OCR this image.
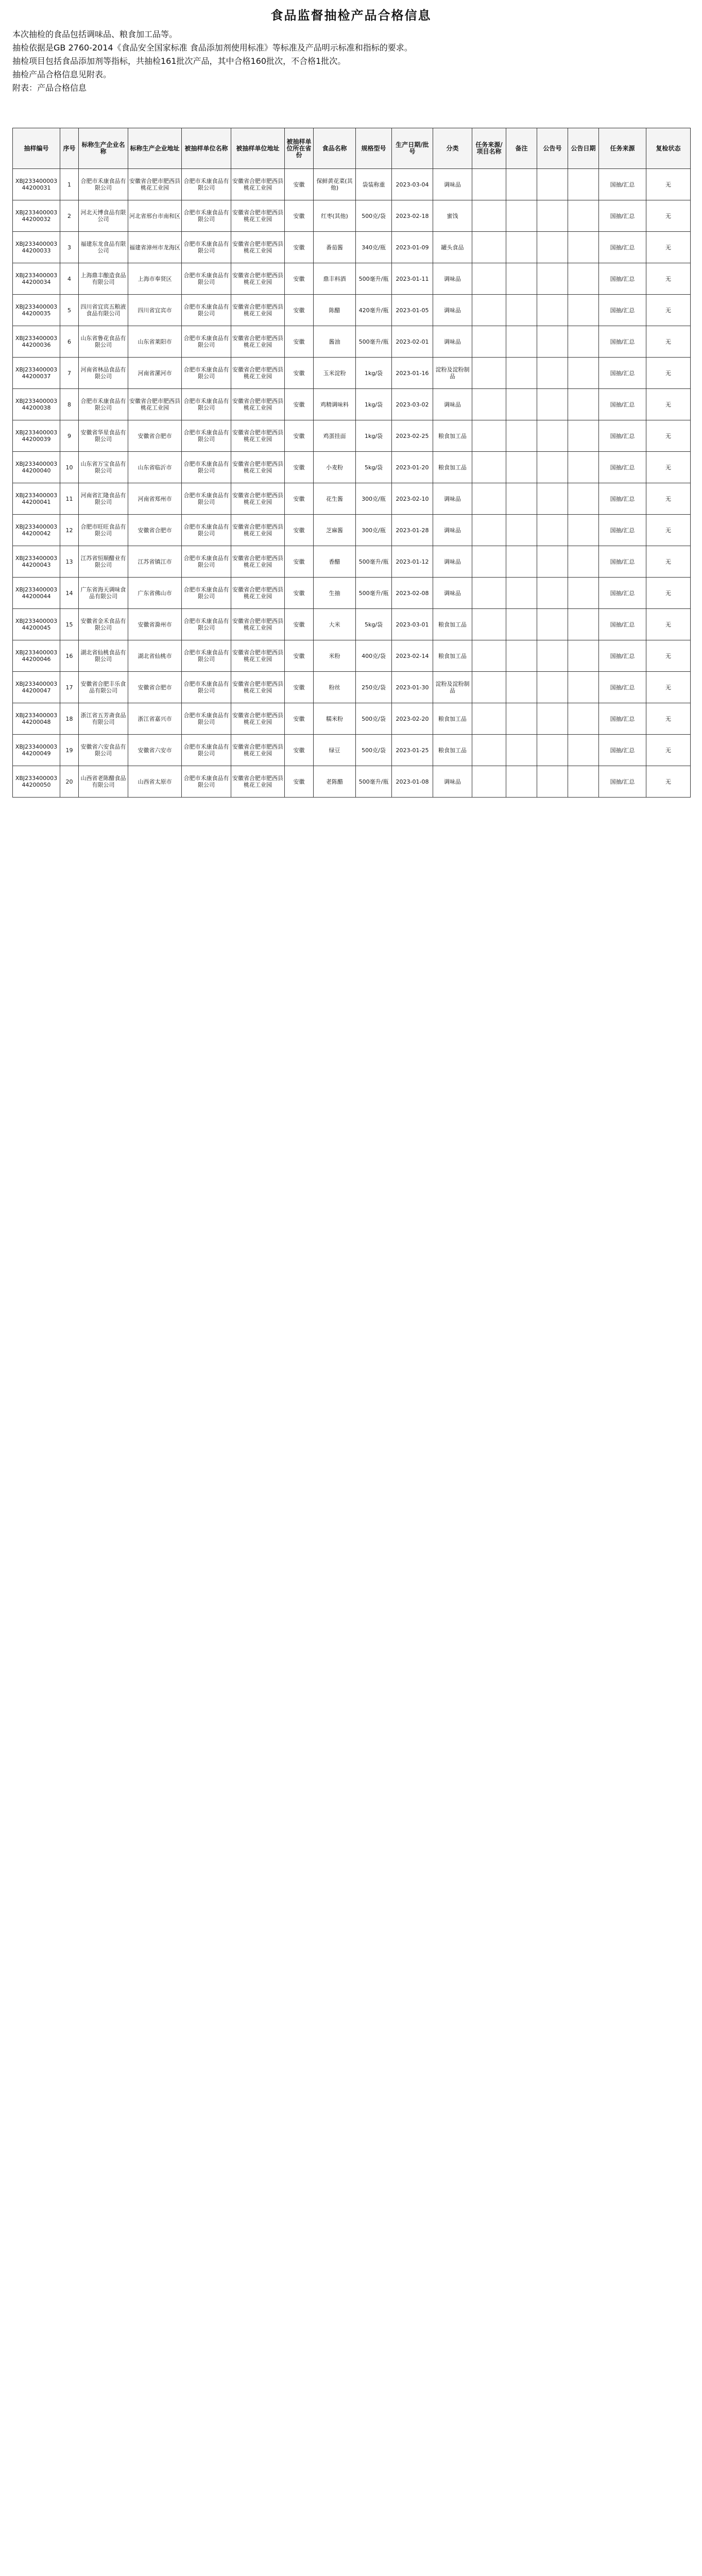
食品监督抽检产品合格信息

本次抽检的食品包括调味品、粮食加工品等。

抽检依据是GB 2760-2014《食品安全国家标准 食品添加剂使用标准》等标准及产品明示标准和指标的要求。

抽检项目包括食品添加剂等指标，共抽检161批次产品，其中合格160批次，不合格1批次。

抽检产品合格信息见附表。

附表：产品合格信息

抽样编号	序号	标称生产企业名称	标称生产企业地址	被抽样单位名称	被抽样单位地址	被抽样单位所在省份	食品名称	规格型号	生产日期/批号	分类	任务来源/项目名称	备注	公告号	公告日期	任务来源	复检状态
XBJ23340000344200031	1	合肥市禾康食品有限公司	安徽省合肥市肥西县桃花工业园	合肥市禾康食品有限公司	安徽省合肥市肥西县桃花工业园	安徽	保鲜黄花菜(其他)	袋装称重	2023-03-04	调味品					国抽/汇总	无
XBJ23340000344200032	2	河北天博食品有限公司	河北省邢台市南和区	合肥市禾康食品有限公司	安徽省合肥市肥西县桃花工业园	安徽	红枣(其他)	500克/袋	2023-02-18	蜜饯					国抽/汇总	无
XBJ23340000344200033	3	福建东龙食品有限公司	福建省漳州市龙海区	合肥市禾康食品有限公司	安徽省合肥市肥西县桃花工业园	安徽	番茄酱	340克/瓶	2023-01-09	罐头食品					国抽/汇总	无
XBJ23340000344200034	4	上海鼎丰酿造食品有限公司	上海市奉贤区	合肥市禾康食品有限公司	安徽省合肥市肥西县桃花工业园	安徽	鼎丰料酒	500毫升/瓶	2023-01-11	调味品					国抽/汇总	无
XBJ23340000344200035	5	四川省宜宾五粮液食品有限公司	四川省宜宾市	合肥市禾康食品有限公司	安徽省合肥市肥西县桃花工业园	安徽	陈醋	420毫升/瓶	2023-01-05	调味品					国抽/汇总	无
XBJ23340000344200036	6	山东省鲁花食品有限公司	山东省莱阳市	合肥市禾康食品有限公司	安徽省合肥市肥西县桃花工业园	安徽	酱油	500毫升/瓶	2023-02-01	调味品					国抽/汇总	无
XBJ23340000344200037	7	河南省林品食品有限公司	河南省漯河市	合肥市禾康食品有限公司	安徽省合肥市肥西县桃花工业园	安徽	玉米淀粉	1kg/袋	2023-01-16	淀粉及淀粉制品					国抽/汇总	无
XBJ23340000344200038	8	合肥市禾康食品有限公司	安徽省合肥市肥西县桃花工业园	合肥市禾康食品有限公司	安徽省合肥市肥西县桃花工业园	安徽	鸡精调味料	1kg/袋	2023-03-02	调味品					国抽/汇总	无
XBJ23340000344200039	9	安徽省华星食品有限公司	安徽省合肥市	合肥市禾康食品有限公司	安徽省合肥市肥西县桃花工业园	安徽	鸡蛋挂面	1kg/袋	2023-02-25	粮食加工品					国抽/汇总	无
XBJ23340000344200040	10	山东省万宝食品有限公司	山东省临沂市	合肥市禾康食品有限公司	安徽省合肥市肥西县桃花工业园	安徽	小麦粉	5kg/袋	2023-01-20	粮食加工品					国抽/汇总	无
XBJ23340000344200041	11	河南省汇隆食品有限公司	河南省郑州市	合肥市禾康食品有限公司	安徽省合肥市肥西县桃花工业园	安徽	花生酱	300克/瓶	2023-02-10	调味品					国抽/汇总	无
XBJ23340000344200042	12	合肥市旺旺食品有限公司	安徽省合肥市	合肥市禾康食品有限公司	安徽省合肥市肥西县桃花工业园	安徽	芝麻酱	300克/瓶	2023-01-28	调味品					国抽/汇总	无
XBJ23340000344200043	13	江苏省恒顺醋业有限公司	江苏省镇江市	合肥市禾康食品有限公司	安徽省合肥市肥西县桃花工业园	安徽	香醋	500毫升/瓶	2023-01-12	调味品					国抽/汇总	无
XBJ23340000344200044	14	广东省海天调味食品有限公司	广东省佛山市	合肥市禾康食品有限公司	安徽省合肥市肥西县桃花工业园	安徽	生抽	500毫升/瓶	2023-02-08	调味品					国抽/汇总	无
XBJ23340000344200045	15	安徽省金禾食品有限公司	安徽省滁州市	合肥市禾康食品有限公司	安徽省合肥市肥西县桃花工业园	安徽	大米	5kg/袋	2023-03-01	粮食加工品					国抽/汇总	无
XBJ23340000344200046	16	湖北省仙桃食品有限公司	湖北省仙桃市	合肥市禾康食品有限公司	安徽省合肥市肥西县桃花工业园	安徽	米粉	400克/袋	2023-02-14	粮食加工品					国抽/汇总	无
XBJ23340000344200047	17	安徽省合肥丰乐食品有限公司	安徽省合肥市	合肥市禾康食品有限公司	安徽省合肥市肥西县桃花工业园	安徽	粉丝	250克/袋	2023-01-30	淀粉及淀粉制品					国抽/汇总	无
XBJ23340000344200048	18	浙江省五芳斋食品有限公司	浙江省嘉兴市	合肥市禾康食品有限公司	安徽省合肥市肥西县桃花工业园	安徽	糯米粉	500克/袋	2023-02-20	粮食加工品					国抽/汇总	无
XBJ23340000344200049	19	安徽省六安食品有限公司	安徽省六安市	合肥市禾康食品有限公司	安徽省合肥市肥西县桃花工业园	安徽	绿豆	500克/袋	2023-01-25	粮食加工品					国抽/汇总	无
XBJ23340000344200050	20	山西省老陈醋食品有限公司	山西省太原市	合肥市禾康食品有限公司	安徽省合肥市肥西县桃花工业园	安徽	老陈醋	500毫升/瓶	2023-01-08	调味品					国抽/汇总	无
